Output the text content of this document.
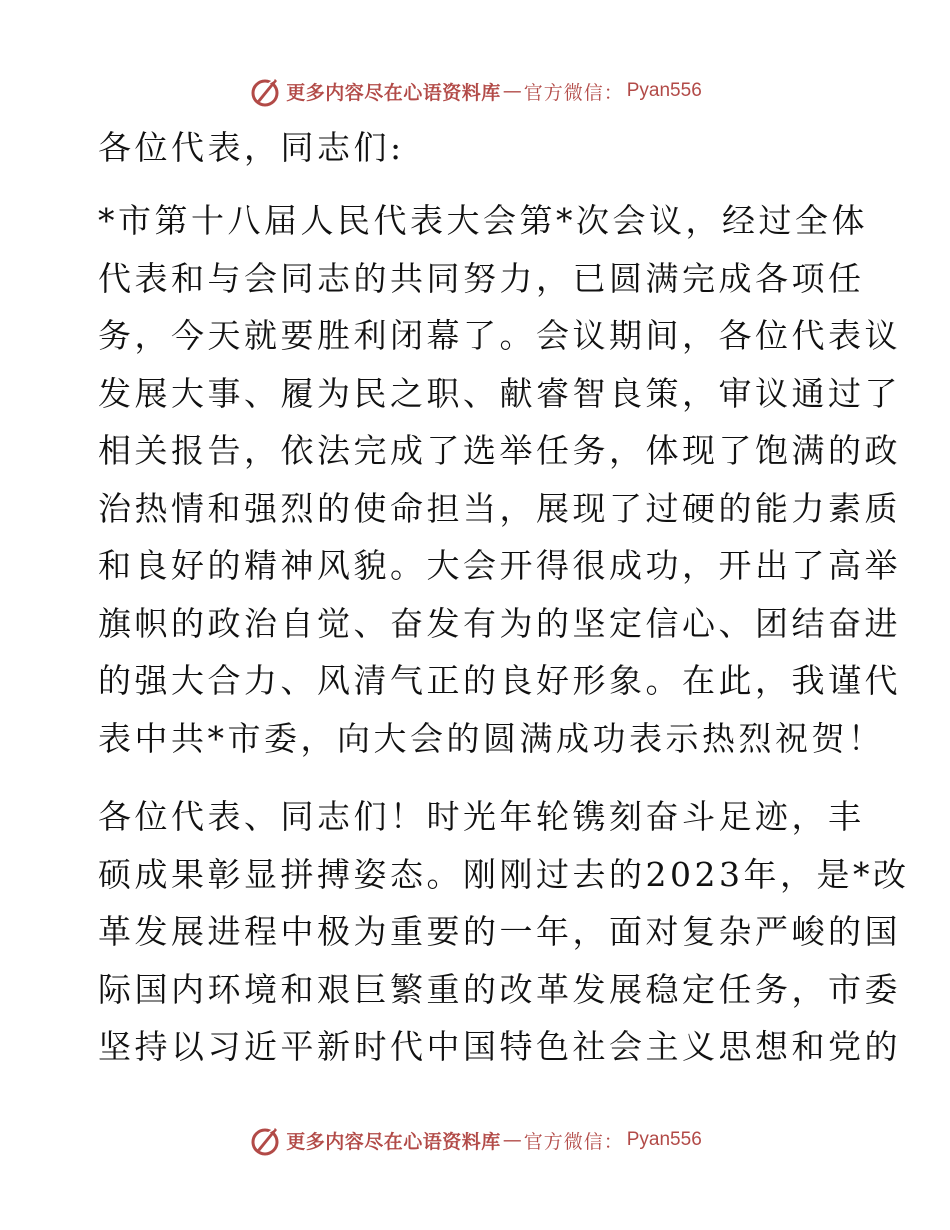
更多内容尽在心语资料库 — 官方微信： Pyan556
各位代表，同志们:
*市第十八届人民代表大会第*次会议，经过全体
代表和与会同志的共同努力，已圆满完成各项任
务，今天就要胜利闭幕了。会议期间，各位代表议
发展大事、履为民之职、献睿智良策，审议通过了
相关报告，依法完成了选举任务，体现了饱满的政
治热情和强烈的使命担当，展现了过硬的能力素质
和良好的精神风貌。大会开得很成功，开出了高举
旗帜的政治自觉、奋发有为的坚定信心、团结奋进
的强大合力、风清气正的良好形象。在此，我谨代
表中共*市委，向大会的圆满成功表示热烈祝贺！
各位代表、同志们！时光年轮镌刻奋斗足迹，丰
硕成果彰显拼搏姿态。刚刚过去的2023年，是*改
革发展进程中极为重要的一年，面对复杂严峻的国
际国内环境和艰巨繁重的改革发展稳定任务，市委
坚持以习近平新时代中国特色社会主义思想和党的
更多内容尽在心语资料库 — 官方微信： Pyan556
